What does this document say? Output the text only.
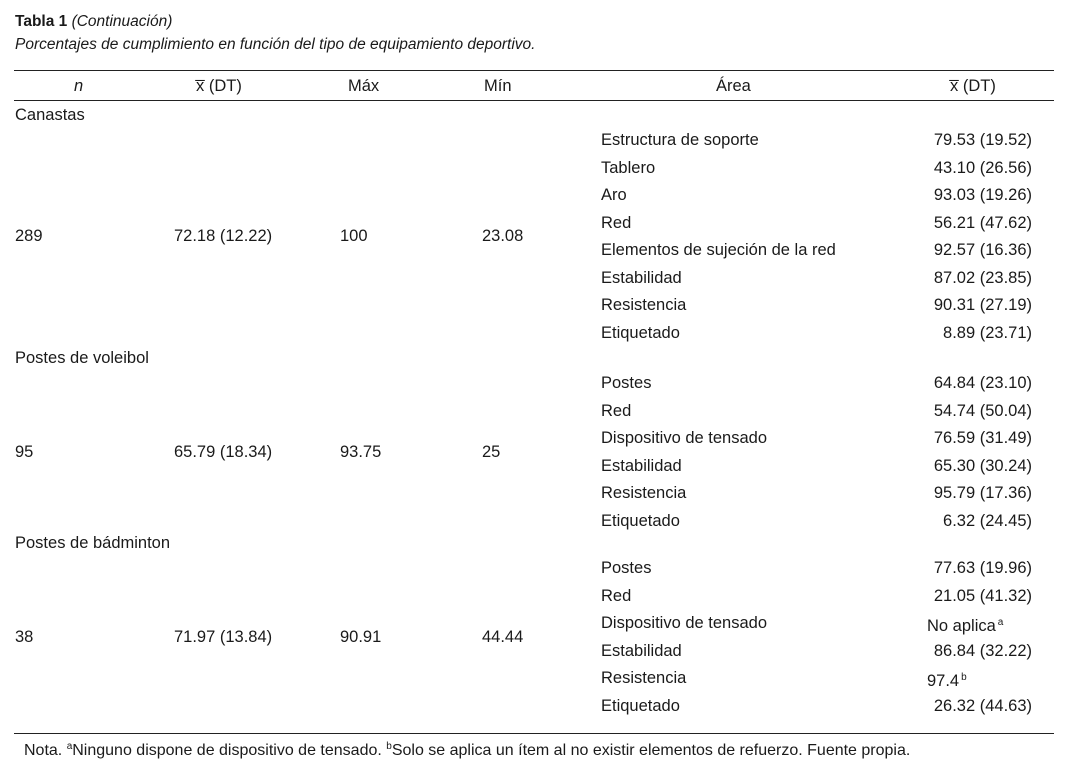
Tabla 1 (Continuación)
Porcentajes de cumplimiento en función del tipo de equipamiento deportivo.
n	x̅ (DT)	Máx	Mín	Área	x̅ (DT)
Canastas
289	72.18 (12.22)	100	23.08
Estructura de soporte	79.53 (19.52)
Tablero	43.10 (26.56)
Aro	93.03 (19.26)
Red	56.21 (47.62)
Elementos de sujeción de la red	92.57 (16.36)
Estabilidad	87.02 (23.85)
Resistencia	90.31 (27.19)
Etiquetado	8.89 (23.71)
Postes de voleibol
95	65.79 (18.34)	93.75	25
Postes	64.84 (23.10)
Red	54.74 (50.04)
Dispositivo de tensado	76.59 (31.49)
Estabilidad	65.30 (30.24)
Resistencia	95.79 (17.36)
Etiquetado	6.32 (24.45)
Postes de bádminton
38	71.97 (13.84)	90.91	44.44
Postes	77.63 (19.96)
Red	21.05 (41.32)
Dispositivo de tensado	No aplica $^a$
Estabilidad	86.84 (32.22)
Resistencia	97.4 $^b$
Etiquetado	26.32 (44.63)
Nota. $^a$Ninguno dispone de dispositivo de tensado. $^b$Solo se aplica un ítem al no existir elementos de refuerzo. Fuente propia.
